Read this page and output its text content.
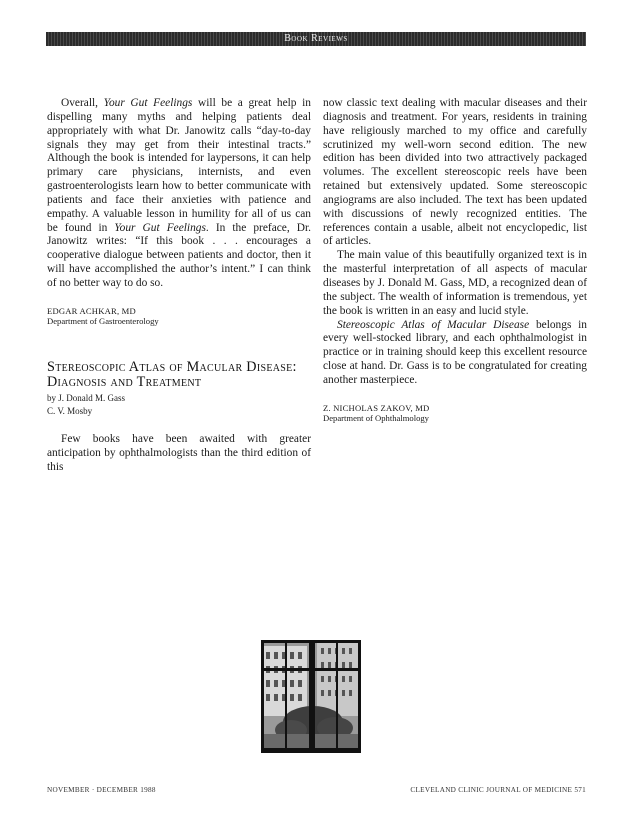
Book Reviews

Overall, Your Gut Feelings will be a great help in dispelling many myths and helping patients deal appropriately with what Dr. Janowitz calls “day-to-day signals they may get from their intestinal tracts.” Although the book is intended for laypersons, it can help primary care physicians, internists, and even gastroenterologists learn how to better communicate with patients and face their anxieties with patience and empathy. A valuable lesson in humility for all of us can be found in Your Gut Feelings. In the preface, Dr. Janowitz writes: “If this book . . . encourages a cooperative dialogue between patients and doctor, then it will have accomplished the author’s intent.” I can think of no better way to do so.

EDGAR ACHKAR, MD
Department of Gastroenterology
Stereoscopic Atlas of Macular Disease: Diagnosis and Treatment
by J. Donald M. Gass
C. V. Mosby

Few books have been awaited with greater anticipation by ophthalmologists than the third edition of this

now classic text dealing with macular diseases and their diagnosis and treatment. For years, residents in training have religiously marched to my office and carefully scrutinized my well-worn second edition. The new edition has been divided into two attractively packaged volumes. The excellent stereoscopic reels have been retained but extensively updated. Some stereoscopic angiograms are also included. The text has been updated with discussions of newly recognized entities. The references contain a usable, albeit not encyclopedic, list of articles.

The main value of this beautifully organized text is in the masterful interpretation of all aspects of macular diseases by J. Donald M. Gass, MD, a recognized dean of the subject. The wealth of information is tremendous, yet the book is written in an easy and lucid style.

Stereoscopic Atlas of Macular Disease belongs in every well-stocked library, and each ophthalmologist in practice or in training should keep this excellent resource close at hand. Dr. Gass is to be congratulated for creating another masterpiece.

Z. NICHOLAS ZAKOV, MD
Department of Ophthalmology
NOVEMBER · DECEMBER 1988	CLEVELAND CLINIC JOURNAL OF MEDICINE 571
